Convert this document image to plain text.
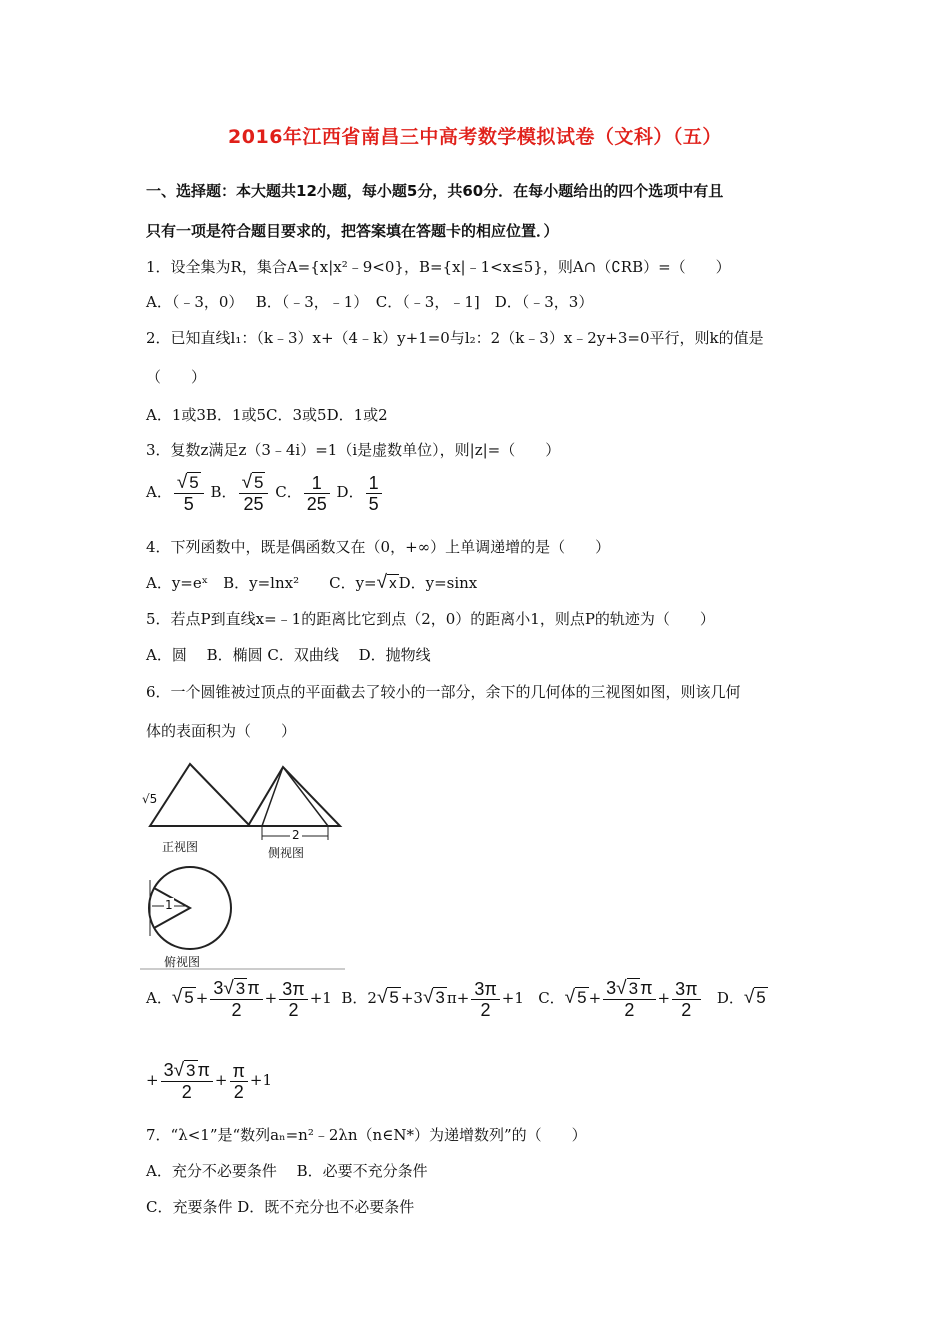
2016年江西省南昌三中高考数学模拟试卷（文科）（五）
一、选择题：本大题共12小题，每小题5分，共60分．在每小题给出的四个选项中有且
只有一项是符合题目要求的，把答案填在答题卡的相应位置．）
1．设全集为R，集合A={x|x²﹣9<0}，B={x|﹣1<x≤5}，则A∩（∁RB）=（　　）
A．（﹣3，0）　 B．（﹣3，﹣1）　C．（﹣3，﹣1]　D．（﹣3，3）
2．已知直线l₁：（k﹣3）x+（4﹣k）y+1=0与l₂：2（k﹣3）x﹣2y+3=0平行，则k的值是
（　　）
A．1或3B．1或5C．3或5D．1或2
3．复数z满足z（3﹣4i）=1（i是虚数单位），则|z|=（　　）
A． $\frac{√ 5}{5}$ B． $\frac{√ 5}{25}$ C． $\frac{1}{25}$ D． $\frac{1}{5}$
4．下列函数中，既是偶函数又在（0，+∞）上单调递增的是（　　）
A．y=eˣ　B．y=lnx²　　C．y=√ x D．y=sinx
5．若点P到直线x=﹣1的距离比它到点（2，0）的距离小1，则点P的轨迹为（　　）
A．圆　 B．椭圆 C．双曲线　 D．抛物线
6．一个圆锥被过顶点的平面截去了较小的一部分，余下的几何体的三视图如图，则该几何
体的表面积为（　　）
√5
2
正视图	侧视图
1
俯视图
A．√ $5 + \frac{3√ 3 \pi}{2} + \frac{3\pi}{2} +1$ B．2√ 5 +3√ 3 $\pi+ \frac{3\pi}{2} +1$ C．√ $5 + \frac{3√ 3 \pi}{2} + \frac{3\pi}{2}$ D．√ 5
+ $\frac{3√ 3 \pi}{2} + \frac{\pi}{2} +1$
7．“λ<1”是“数列aₙ=n²﹣2λn（n∈N*）为递增数列”的（　　）
A．充分不必要条件　 B．必要不充分条件
C．充要条件 D．既不充分也不必要条件
